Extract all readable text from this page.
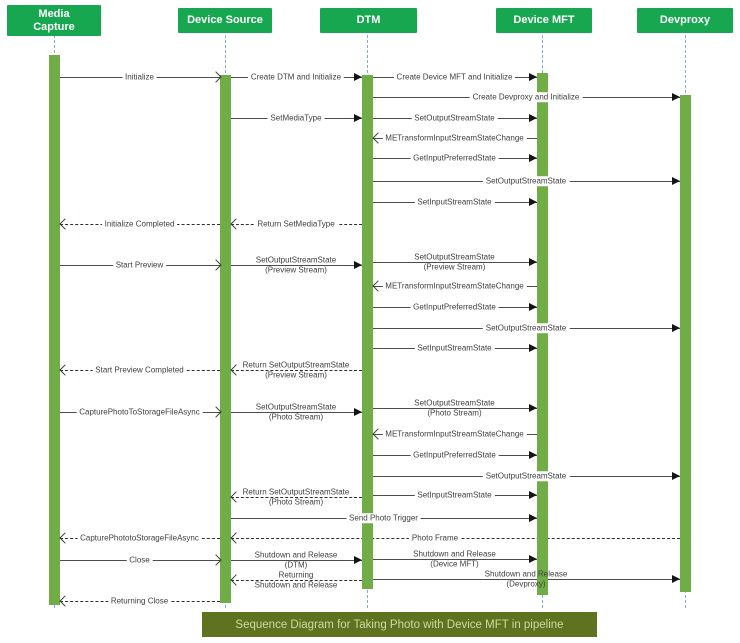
Sequence Diagram for Taking Photo with Device MFT in pipeline
Media
Capture
Device Source	DTM	Device MFT	Devproxy
Initialize	Create DTM and Initialize	Create Device MFT and Initialize
Create Devproxy and Initialize
SetMediaType	SetOutputStreamState
METransformInputStreamStateChange
GetInputPreferredState
SetOutputStreamState
SetInputStreamState
Initialize Completed	Return SetMediaType
Start Preview
SetOutputStreamState
(Preview Stream)
SetOutputStreamState
(Preview Stream)
METransformInputStreamStateChange
GetInputPreferredState
SetOutputStreamState
SetInputStreamState
Start Preview Completed
Return SetOutputStreamState
(Preview Stream)
CapturePhotoToStorageFileAsync
SetOutputStreamState
(Photo Stream)
SetOutputStreamState
(Photo Stream)
METransformInputStreamStateChange
GetInputPreferredState
SetOutputStreamState
Return SetOutputStreamState
(Photo Stream)
SetInputStreamState
Send Photo Trigger
Photo Frame
CapturePhototoStorageFileAsync
Close
Shutdown and Release
(DTM)
Shutdown and Release
(Device MFT)
Returning
Shutdown and Release
Shutdown and Release
(Devproxy)
Returning Close
